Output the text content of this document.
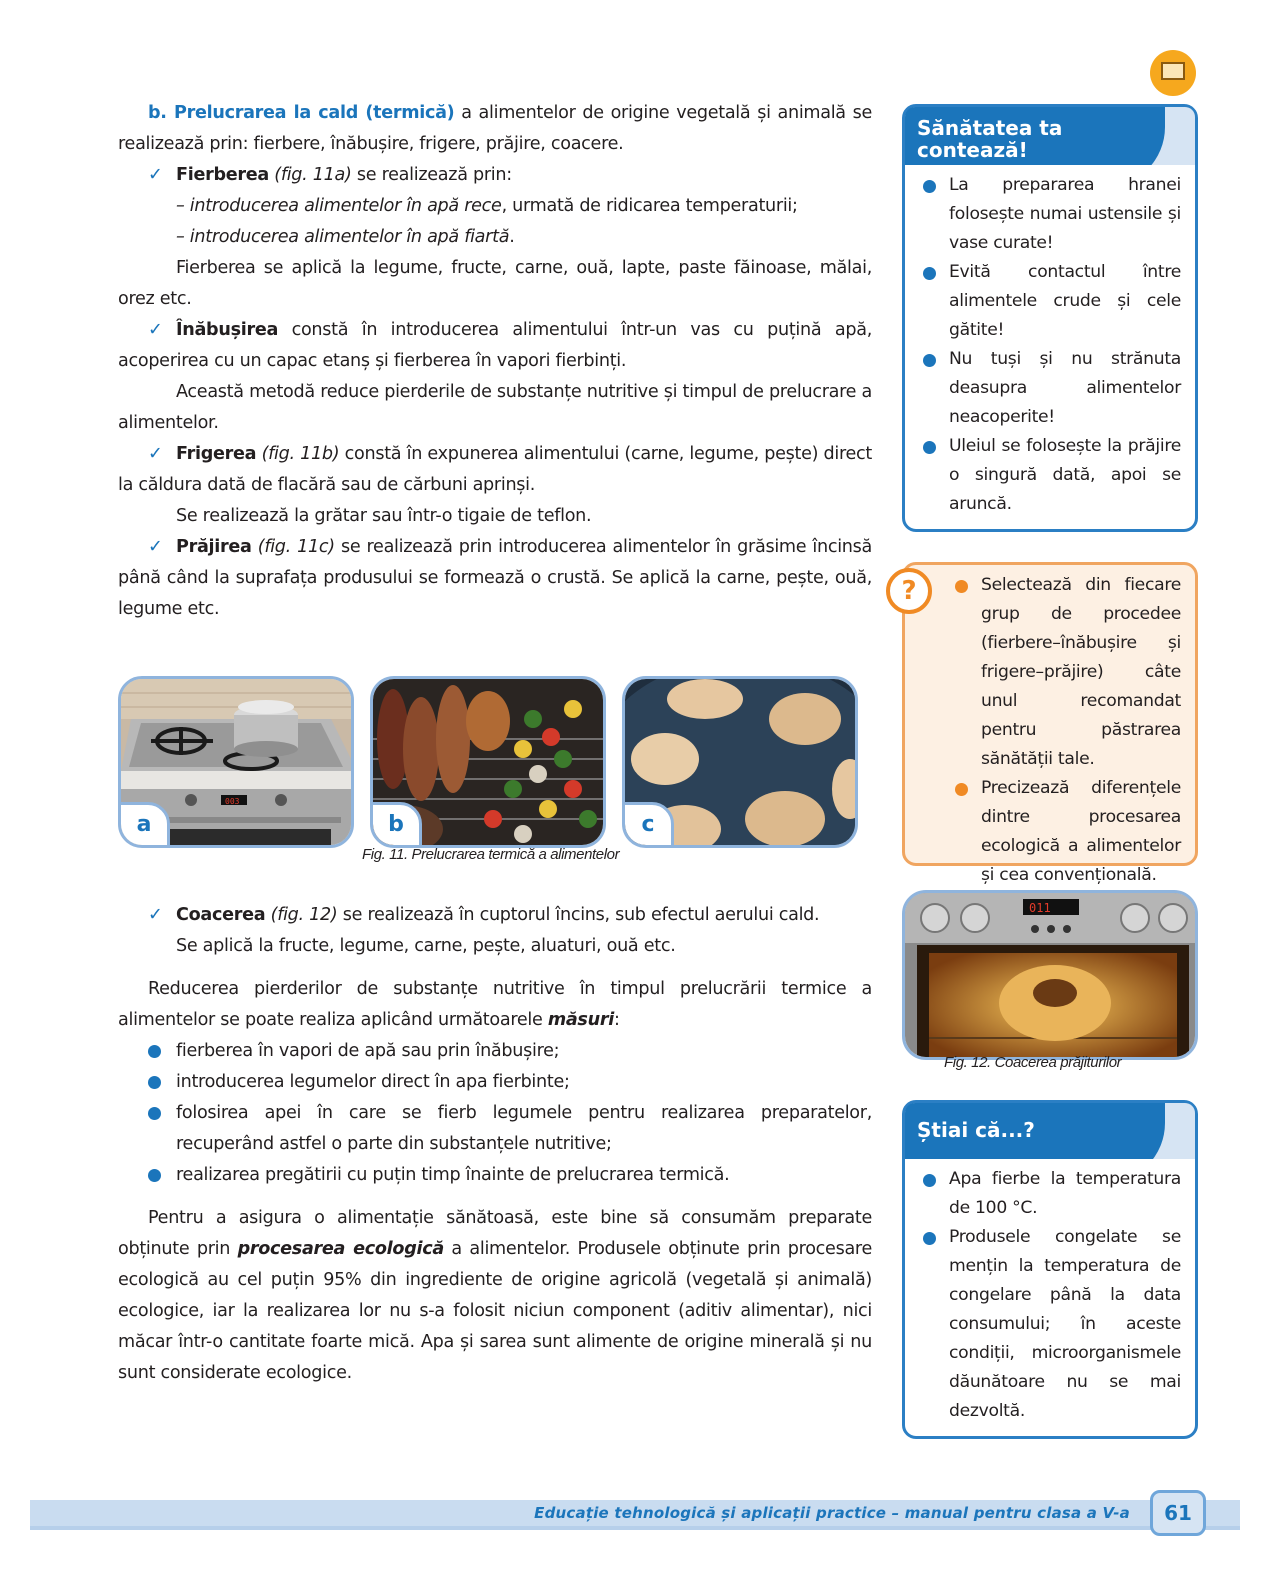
b. Prelucrarea la cald (termică) a alimentelor de origine vegetală și animală se realizează prin: fierbere, înăbușire, frigere, prăjire, coacere.

✓ Fierberea (fig. 11a) se realizează prin:

– introducerea alimentelor în apă rece, urmată de ridicarea temperaturii;

– introducerea alimentelor în apă fiartă.

Fierberea se aplică la legume, fructe, carne, ouă, lapte, paste făinoase, mălai, orez etc.

✓ Înăbușirea constă în introducerea alimentului într-un vas cu puțină apă, acoperirea cu un capac etanș și fierberea în vapori fierbinți.

Această metodă reduce pierderile de substanțe nutritive și timpul de prelucrare a alimentelor.

✓ Frigerea (fig. 11b) constă în expunerea alimentului (carne, legume, pește) direct la căldura dată de flacără sau de cărbuni aprinși.

Se realizează la grătar sau într-o tigaie de teflon.

✓ Prăjirea (fig. 11c) se realizează prin introducerea alimentelor în grăsime încinsă până când la suprafața produsului se formează o crustă. Se aplică la carne, pește, ouă, legume etc.

003
a	b	c
Fig. 11. Prelucrarea termică a alimentelor

✓ Coacerea (fig. 12) se realizează în cuptorul încins, sub efectul aerului cald.

Se aplică la fructe, legume, carne, pește, aluaturi, ouă etc.

Reducerea pierderilor de substanțe nutritive în timpul prelucrării termice a alimentelor se poate realiza aplicând următoarele măsuri:

fierberea în vapori de apă sau prin înăbușire;

introducerea legumelor direct în apa fierbinte;

folosirea apei în care se fierb legumele pentru realizarea preparatelor, recuperând astfel o parte din substanțele nutritive;

realizarea pregătirii cu puțin timp înainte de prelucrarea termică.

Pentru a asigura o alimentație sănătoasă, este bine să consumăm preparate obținute prin procesarea ecologică a alimentelor. Produsele obținute prin procesare ecologică au cel puțin 95% din ingrediente de origine agricolă (vegetală și animală) ecologice, iar la realizarea lor nu s-a folosit niciun component (aditiv alimentar), nici măcar într-o cantitate foarte mică. Apa și sarea sunt alimente de origine minerală și nu sunt considerate ecologice.

Sănătatea ta contează!

La prepararea hranei folosește numai ustensile și vase curate!

Evită contactul între alimentele crude și cele gătite!

Nu tuși și nu strănuta deasupra alimentelor neacoperite!

Uleiul se folosește la prăjire o singură dată, apoi se aruncă.

Selectează din fiecare grup de procedee (fierbere–înăbușire și frigere–prăjire) câte unul recomandat pentru păstrarea sănătății tale.

Precizează diferențele dintre procesarea ecologică a alimentelor și cea convențională.

?
011
Fig. 12. Coacerea prăjiturilor
Știai că...?

Apa fierbe la temperatura de 100 °C.

Produsele congelate se mențin la temperatura de congelare până la data consumului; în aceste condiții, microorganismele dăunătoare nu se mai dezvoltă.

Educație tehnologică și aplicații practice – manual pentru clasa a V-a	61
